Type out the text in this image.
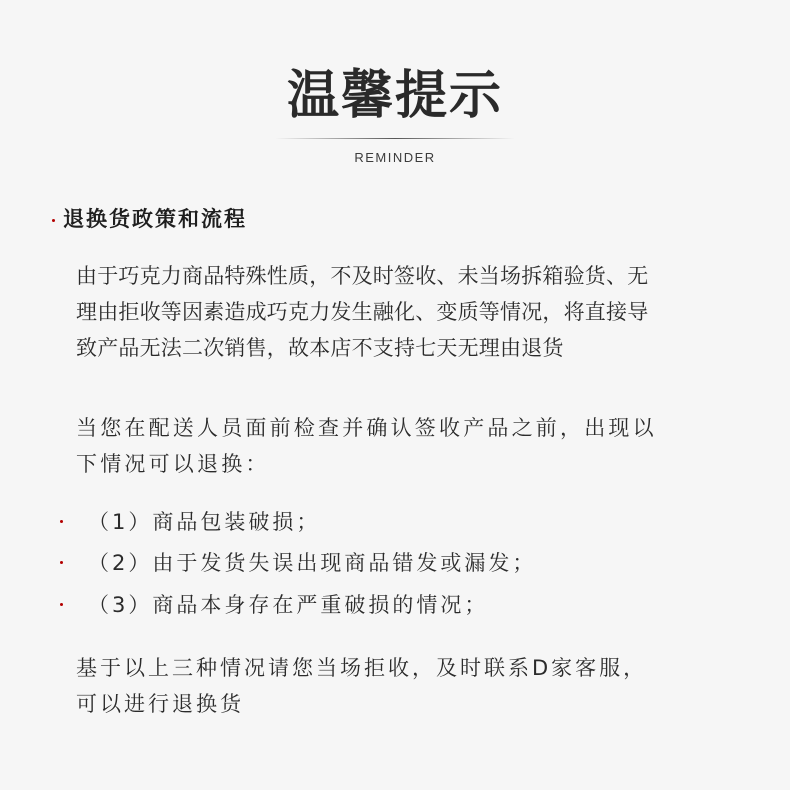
温馨提示
REMINDER
退换货政策和流程
由于巧克力商品特殊性质，不及时签收、未当场拆箱验货、无
理由拒收等因素造成巧克力发生融化、变质等情况，将直接导
致产品无法二次销售，故本店不支持七天无理由退货
当您在配送人员面前检查并确认签收产品之前，出现以
下情况可以退换：
（1）商品包装破损；
（2）由于发货失误出现商品错发或漏发；
（3）商品本身存在严重破损的情况；
基于以上三种情况请您当场拒收，及时联系D家客服，
可以进行退换货
